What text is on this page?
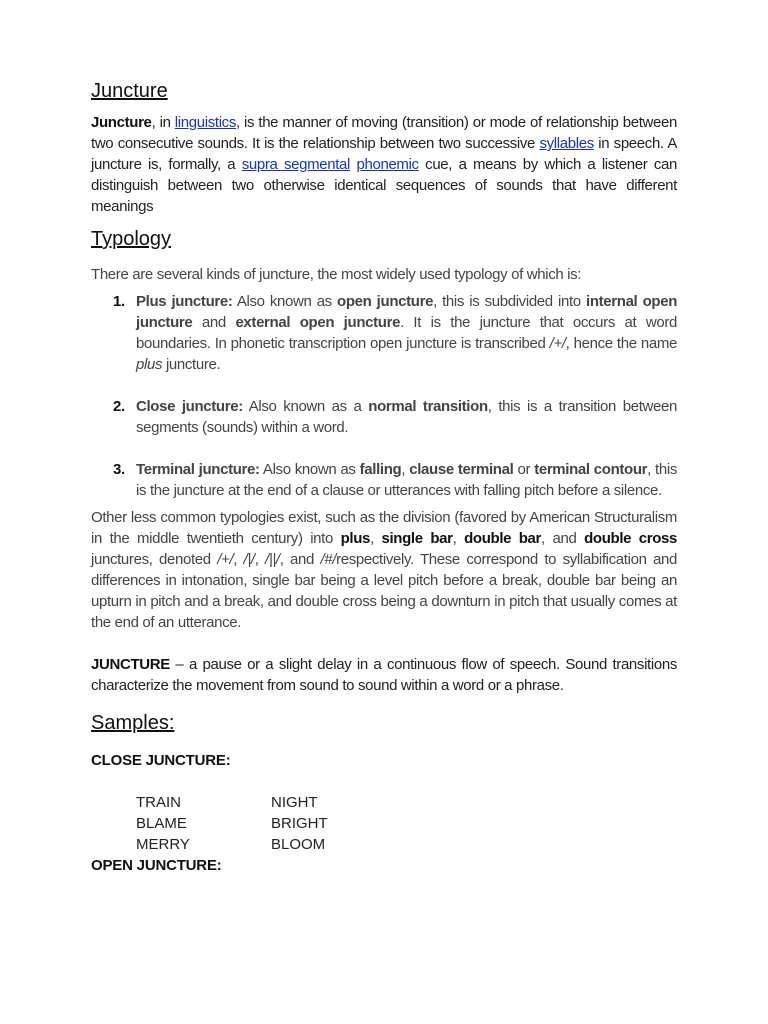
Juncture

Juncture, in linguistics, is the manner of moving (transition) or mode of relationship between two consecutive sounds. It is the relationship between two successive syllables in speech. A juncture is, formally, a supra segmental phonemic cue, a means by which a listener can distinguish between two otherwise identical sequences of sounds that have different meanings

Typology

There are several kinds of juncture, the most widely used typology of which is:

1. Plus juncture: Also known as open juncture, this is subdivided into internal open juncture and external open juncture. It is the juncture that occurs at word boundaries. In phonetic transcription open juncture is transcribed /+/, hence the name plus juncture.
2. Close juncture: Also known as a normal transition, this is a transition between segments (sounds) within a word.
3. Terminal juncture: Also known as falling, clause terminal or terminal contour, this is the juncture at the end of a clause or utterances with falling pitch before a silence.

Other less common typologies exist, such as the division (favored by American Structuralism in the middle twentieth century) into plus, single bar, double bar, and double cross junctures, denoted /+/, /|/, /||/, and /#/respectively. These correspond to syllabification and differences in intonation, single bar being a level pitch before a break, double bar being an upturn in pitch and a break, and double cross being a downturn in pitch that usually comes at the end of an utterance.

JUNCTURE – a pause or a slight delay in a continuous flow of speech. Sound transitions characterize the movement from sound to sound within a word or a phrase.

Samples:

CLOSE JUNCTURE:

TRAIN	NIGHT
BLAME	BRIGHT
MERRY	BLOOM

OPEN JUNCTURE:
